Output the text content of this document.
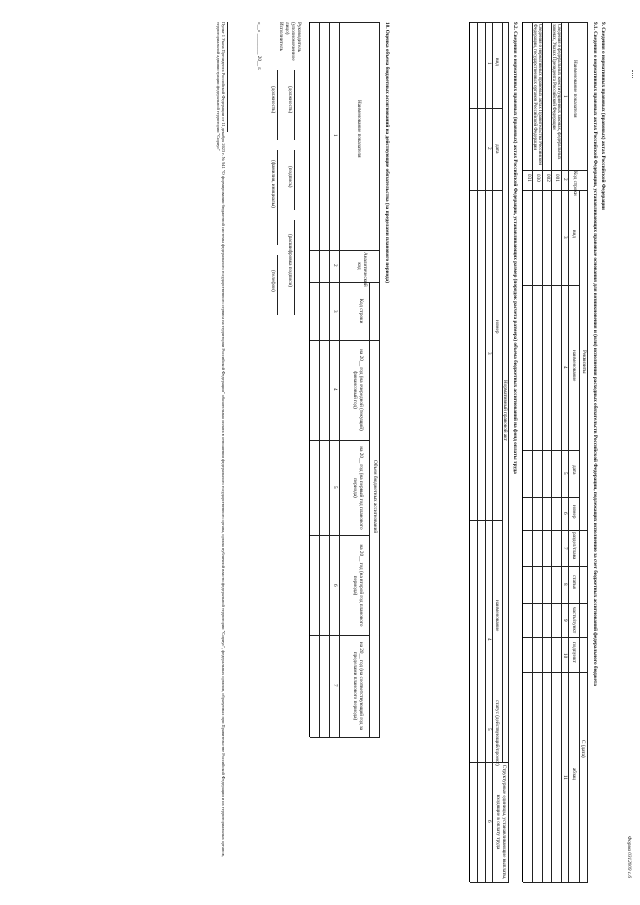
Форма 0312009 с.6
9. Сведения о нормативных правовых (правовых) актах Российской Федерации
9.1. Сведения о нормативных правовых актах Российской Федерации, устанавливающих правовые основания для возникновения и (или) исполнения расходных обязательств Российской Федерации, подлежащих исполнению за счет бюджетных ассигнований федерального бюджета
Наименование показателя
Код строки
Реквизиты
вид
наименование
дата
номер
раздел/глава
статья
часть/пункт
подпункт
С (дата)
абзац
1
2
3
4
5
6
7
8
9
10
11
Сведения о федеральных конституционных законах, федеральных законах, Указах Президента Российской Федерации
001
002
Сведения о нормативных правовых актах Правительства Российской Федерации, государственных органов Российской Федерации
030
031
9.2. Сведения о нормативных правовых (правовых) актах Российской Федерации, устанавливающих размер (порядок расчета размера) объема бюджетных ассигнований на фонд оплаты труда
Нормативный правовой акт
вид
дата
номер
наименование
статус (действующий/проект)
Структурные единицы, устанавливающие выплаты, входящие в оплату труда
1
2
3
4
5
6
10. Оценка объема бюджетных ассигнований на действующие обязательства (за пределами планового периода)
Наименование показателя
Аналитический код
Код строки
Объем бюджетных ассигнований
на 20__ год (на очередной (текущий) финансовый год)
на 20__ год (на первый год планового периода)
на 20__ год (на второй год планового периода)
на 20__ год (на соответствующий год за пределами планового периода)
1
2
3
4
5
6
7
Руководитель (уполномоченное лицо)
(должность)
(подпись)
(расшифровка подписи)
Исполнитель
(должность)
(фамилия, инициалы)
(телефон)
«__» ________ 20__ г.
Пункт 1 Указа Президента Российской Федерации от 11 декабря 2023 г. № 941 "О формировании бюджетной системы федерального государственного сервиса на территории Российской Федерации" обязательная оплата в отношении федерального государственного органа, органа публичной власти федеральной территории "Сириус", федеральных органов, образуемых при Правительстве Российской Федерации и их территориальных органов, территориальной администрации федеральной территории "Сириус"
